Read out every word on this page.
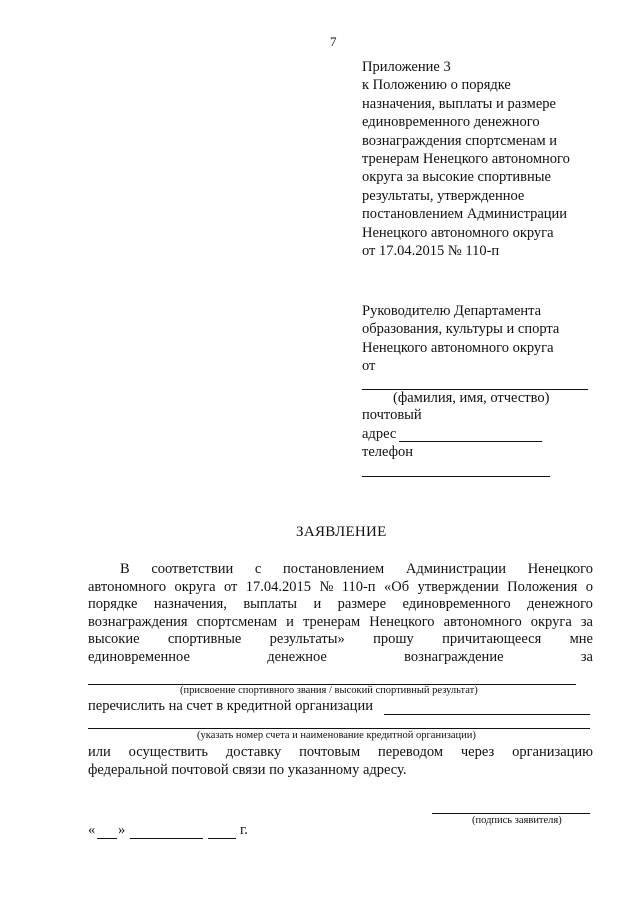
7
Приложение 3
к Положению о порядке
назначения, выплаты и размере
единовременного денежного
вознаграждения спортсменам и
тренерам Ненецкого автономного
округа за высокие спортивные
результаты, утвержденное
постановлением Администрации
Ненецкого автономного округа
от 17.04.2015 № 110-п
Руководителю Департамента
образования, культуры и спорта
Ненецкого автономного округа
от
(фамилия, имя, отчество)
почтовый
адрес
телефон
ЗАЯВЛЕНИЕ
В соответствии с постановлением Администрации Ненецкого
автономного округа от 17.04.2015 № 110-п «Об утверждении Положения о
порядке назначения, выплаты и размере единовременного денежного
вознаграждения спортсменам и тренерам Ненецкого автономного округа за
высокие спортивные результаты» прошу причитающееся мне
единовременное	денежное	вознаграждение	за
(присвоение спортивного звания / высокий спортивный результат)
перечислить на счет в кредитной организации
(указать номер счета и наименование кредитной организации)
или осуществить доставку почтовым переводом через организацию
федеральной почтовой связи по указанному адресу.
« »	г.
(подпись заявителя)
